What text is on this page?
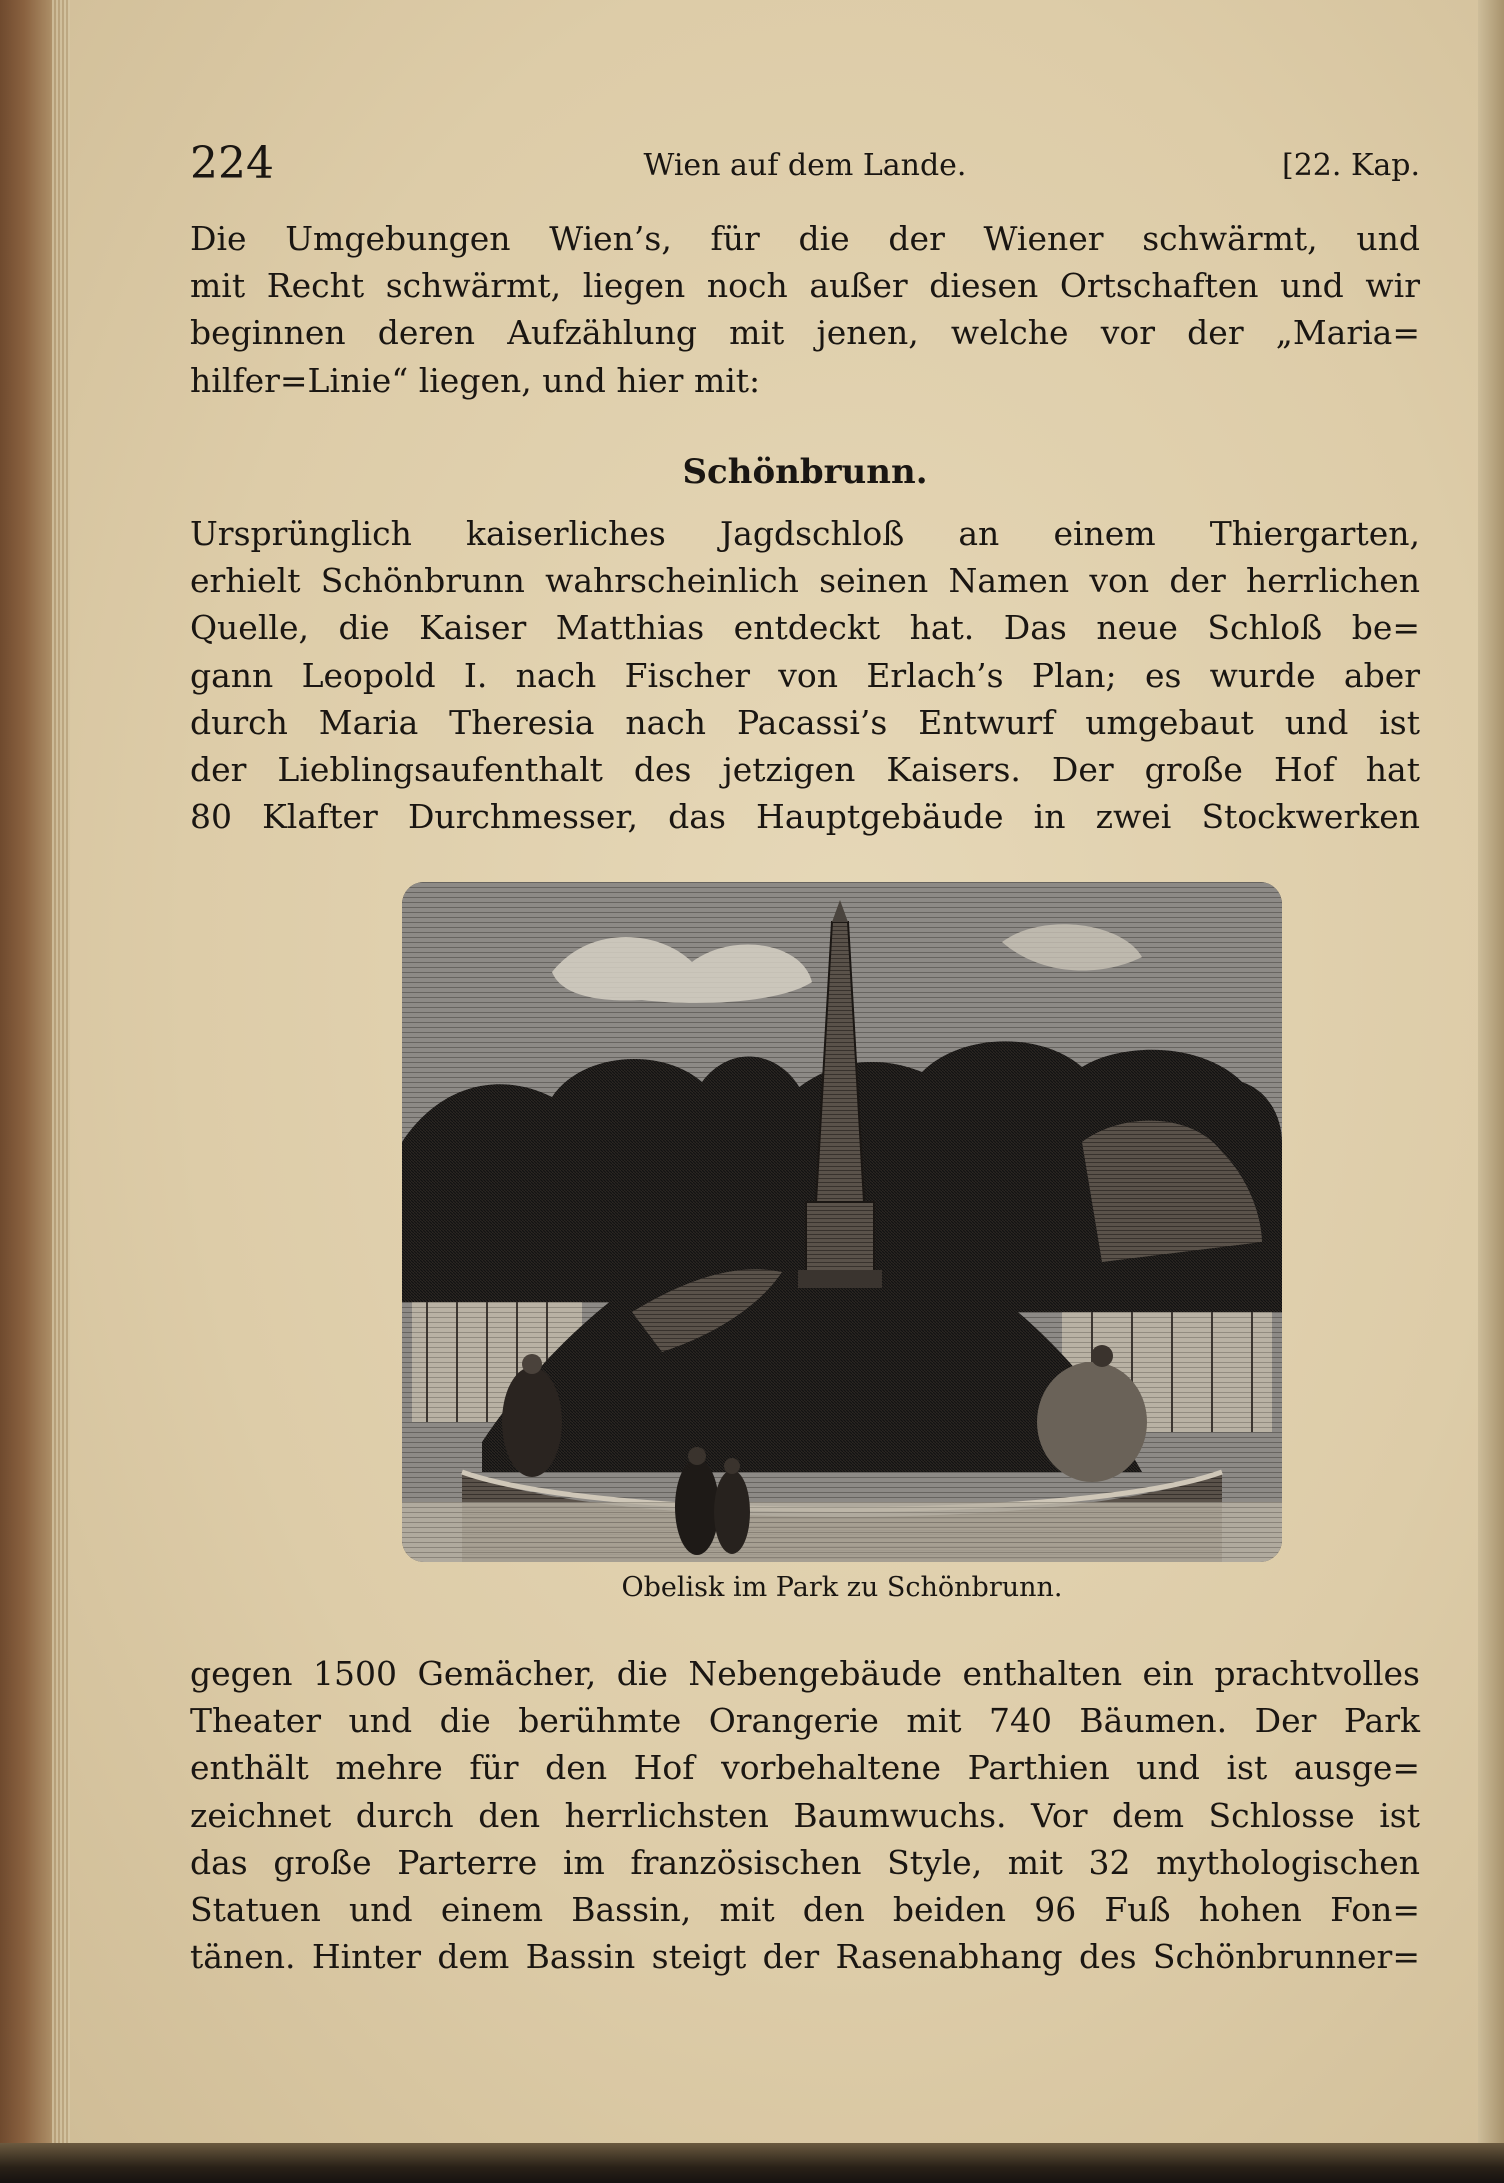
224	Wien auf dem Lande.	[22. Kap.
Die Umgebungen Wien’s, für die der Wiener schwärmt, und
mit Recht schwärmt, liegen noch außer diesen Ortschaften und wir
beginnen deren Aufzählung mit jenen, welche vor der „Maria=
hilfer=Linie“ liegen, und hier mit:
Schönbrunn.
Ursprünglich kaiserliches Jagdschloß an einem Thiergarten,
erhielt Schönbrunn wahrscheinlich seinen Namen von der herrlichen
Quelle, die Kaiser Matthias entdeckt hat. Das neue Schloß be=
gann Leopold I. nach Fischer von Erlach’s Plan; es wurde aber
durch Maria Theresia nach Pacassi’s Entwurf umgebaut und ist
der Lieblingsaufenthalt des jetzigen Kaisers. Der große Hof hat
80 Klafter Durchmesser, das Hauptgebäude in zwei Stockwerken
Obelisk im Park zu Schönbrunn.
gegen 1500 Gemächer, die Nebengebäude enthalten ein prachtvolles
Theater und die berühmte Orangerie mit 740 Bäumen. Der Park
enthält mehre für den Hof vorbehaltene Parthien und ist ausge=
zeichnet durch den herrlichsten Baumwuchs. Vor dem Schlosse ist
das große Parterre im französischen Style, mit 32 mythologischen
Statuen und einem Bassin, mit den beiden 96 Fuß hohen Fon=
tänen. Hinter dem Bassin steigt der Rasenabhang des Schönbrunner=
